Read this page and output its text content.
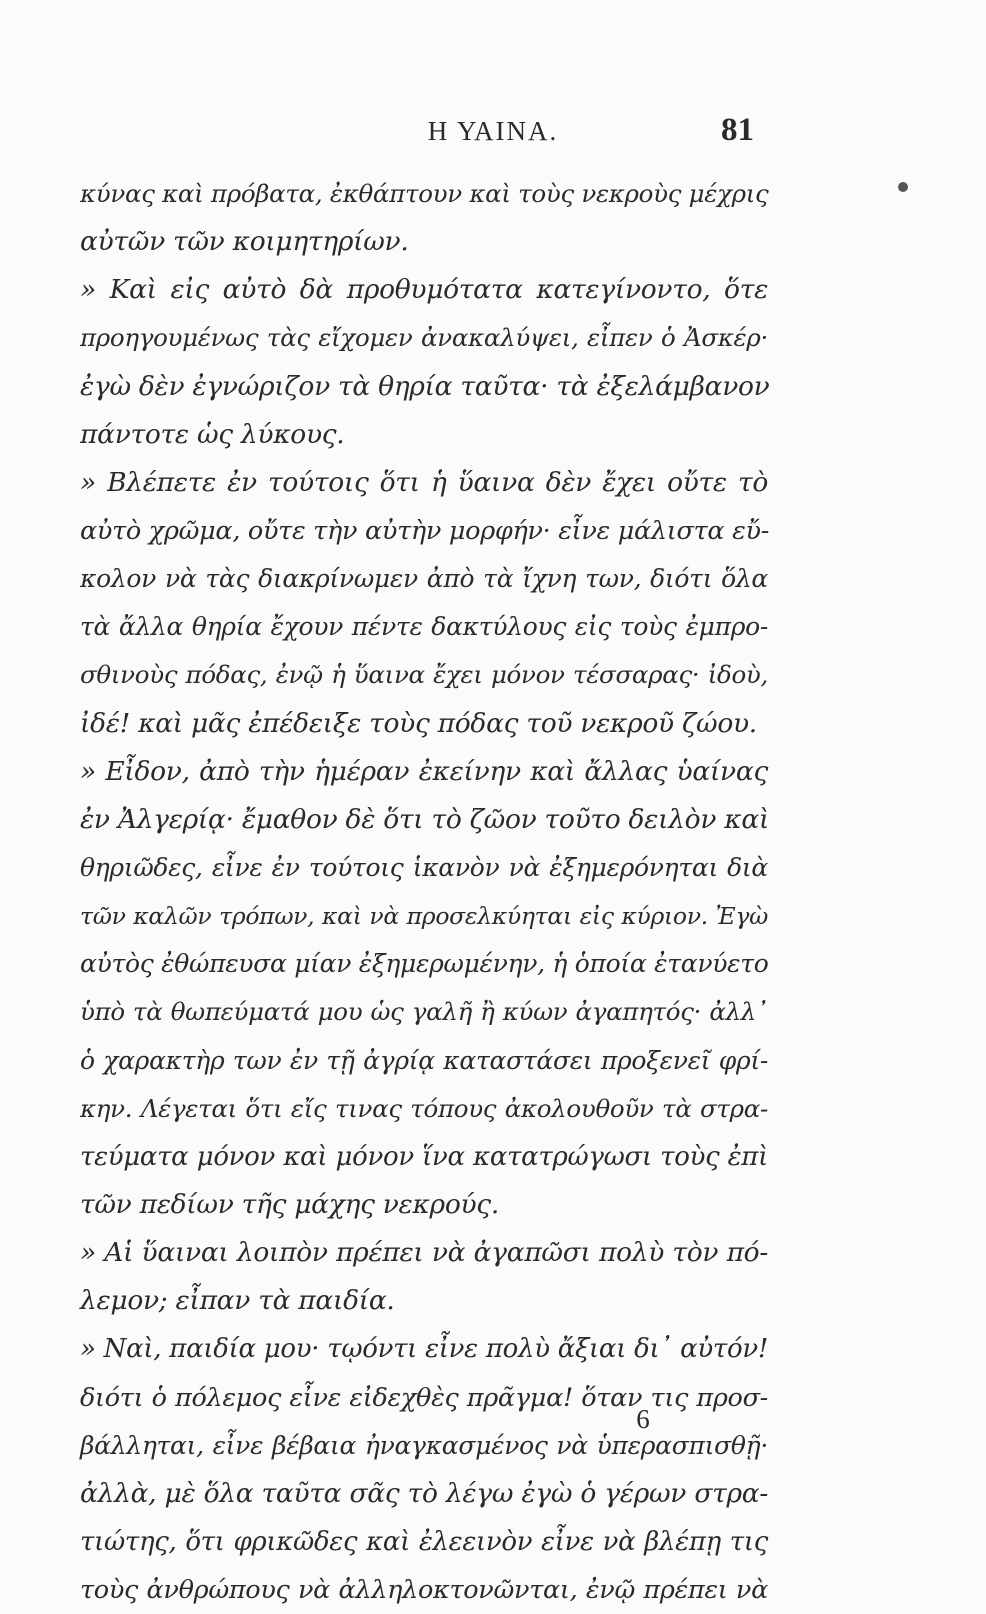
Η ΥΑΙΝΑ.	81
κύνας καὶ πρόβατα, ἐκθάπτουν καὶ τοὺς νεκροὺς μέχρις
αὐτῶν τῶν κοιμητηρίων.
» Καὶ εἰς αὐτὸ δὰ προθυμότατα κατεγίνοντο, ὅτε
προηγουμένως τὰς εἴχομεν ἀνακαλύψει, εἶπεν ὁ Ἀσκέρ·
ἐγὼ δὲν ἐγνώριζον τὰ θηρία ταῦτα· τὰ ἐξελάμβανον
πάντοτε ὡς λύκους.
» Βλέπετε ἐν τούτοις ὅτι ἡ ὕαινα δὲν ἔχει οὔτε τὸ
αὐτὸ χρῶμα, οὔτε τὴν αὐτὴν μορφήν· εἶνε μάλιστα εὔ-
κολον νὰ τὰς διακρίνωμεν ἀπὸ τὰ ἴχνη των, διότι ὅλα
τὰ ἄλλα θηρία ἔχουν πέντε δακτύλους εἰς τοὺς ἐμπρο-
σθινοὺς πόδας, ἐνῷ ἡ ὕαινα ἔχει μόνον τέσσαρας· ἰδοὺ,
ἰδέ! καὶ μᾶς ἐπέδειξε τοὺς πόδας τοῦ νεκροῦ ζώου.
» Εἶδον, ἀπὸ τὴν ἡμέραν ἐκείνην καὶ ἄλλας ὑαίνας
ἐν Ἀλγερίᾳ· ἔμαθον δὲ ὅτι τὸ ζῶον τοῦτο δειλὸν καὶ
θηριῶδες, εἶνε ἐν τούτοις ἱκανὸν νὰ ἐξημερόνηται διὰ
τῶν καλῶν τρόπων, καὶ νὰ προσελκύηται εἰς κύριον. Ἐγὼ
αὐτὸς ἐθώπευσα μίαν ἐξημερωμένην, ἡ ὁποία ἐτανύετο
ὑπὸ τὰ θωπεύματά μου ὡς γαλῆ ἢ κύων ἀγαπητός· ἀλλ᾽
ὁ χαρακτὴρ των ἐν τῇ ἀγρίᾳ καταστάσει προξενεῖ φρί-
κην. Λέγεται ὅτι εἴς τινας τόπους ἀκολουθοῦν τὰ στρα-
τεύματα μόνον καὶ μόνον ἵνα κατατρώγωσι τοὺς ἐπὶ
τῶν πεδίων τῆς μάχης νεκρούς.
» Αἱ ὕαιναι λοιπὸν πρέπει νὰ ἀγαπῶσι πολὺ τὸν πό-
λεμον; εἶπαν τὰ παιδία.
» Ναὶ, παιδία μου· τῳόντι εἶνε πολὺ ἄξιαι δι᾽ αὐτόν!
διότι ὁ πόλεμος εἶνε εἰδεχθὲς πρᾶγμα! ὅταν τις προσ-
βάλληται, εἶνε βέβαια ἠναγκασμένος νὰ ὑπερασπισθῇ·
ἀλλὰ, μὲ ὅλα ταῦτα σᾶς τὸ λέγω ἐγὼ ὁ γέρων στρα-
τιώτης, ὅτι φρικῶδες καὶ ἐλεεινὸν εἶνε νὰ βλέπῃ τις
τοὺς ἀνθρώπους νὰ ἀλληλοκτονῶνται, ἐνῷ πρέπει νὰ
6
